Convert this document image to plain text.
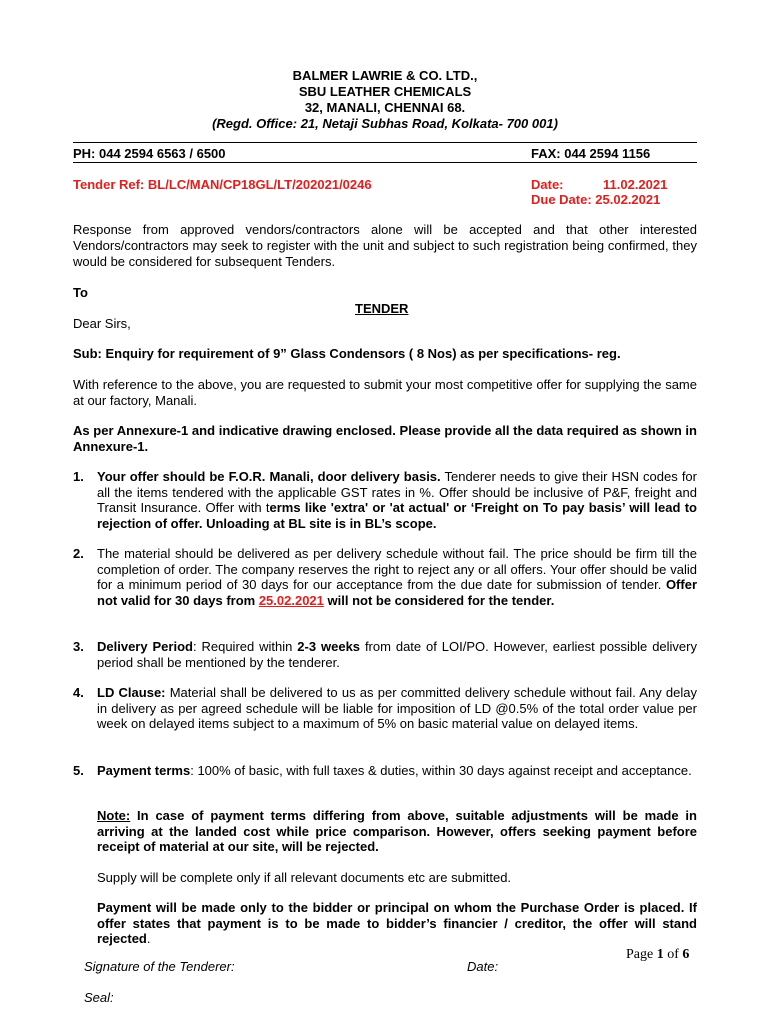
BALMER LAWRIE & CO. LTD.,
SBU LEATHER CHEMICALS
32, MANALI, CHENNAI 68.
(Regd. Office: 21, Netaji Subhas Road, Kolkata- 700 001)
PH: 044 2594 6563 / 6500	FAX: 044 2594 1156
Tender Ref: BL/LC/MAN/CP18GL/LT/202021/0246	Date:	11.02.2021
Due Date: 25.02.2021
Response from approved vendors/contractors alone will be accepted and that other interested Vendors/contractors may seek to register with the unit and subject to such registration being confirmed, they would be considered for subsequent Tenders.
To
TENDER
Dear Sirs,
Sub: Enquiry for requirement of 9” Glass Condensors ( 8 Nos) as per specifications- reg.
With reference to the above, you are requested to submit your most competitive offer for supplying the same at our factory, Manali.
As per Annexure-1 and indicative drawing enclosed. Please provide all the data required as shown in Annexure-1.
1. Your offer should be F.O.R. Manali, door delivery basis. Tenderer needs to give their HSN codes for all the items tendered with the applicable GST rates in %. Offer should be inclusive of P&F, freight and Transit Insurance. Offer with terms like 'extra' or 'at actual' or ‘Freight on To pay basis’ will lead to rejection of offer. Unloading at BL site is in BL’s scope.
2. The material should be delivered as per delivery schedule without fail. The price should be firm till the completion of order. The company reserves the right to reject any or all offers. Your offer should be valid for a minimum period of 30 days for our acceptance from the due date for submission of tender. Offer not valid for 30 days from 25.02.2021 will not be considered for the tender.
3. Delivery Period: Required within 2-3 weeks from date of LOI/PO. However, earliest possible delivery period shall be mentioned by the tenderer.
4. LD Clause: Material shall be delivered to us as per committed delivery schedule without fail. Any delay in delivery as per agreed schedule will be liable for imposition of LD @0.5% of the total order value per week on delayed items subject to a maximum of 5% on basic material value on delayed items.
5. Payment terms: 100% of basic, with full taxes & duties, within 30 days against receipt and acceptance.
Note: In case of payment terms differing from above, suitable adjustments will be made in arriving at the landed cost while price comparison. However, offers seeking payment before receipt of material at our site, will be rejected.
Supply will be complete only if all relevant documents etc are submitted.
Payment will be made only to the bidder or principal on whom the Purchase Order is placed. If offer states that payment is to be made to bidder’s financier / creditor, the offer will stand rejected.
Page 1 of 6
Signature of the Tenderer:	Date:
Seal:
